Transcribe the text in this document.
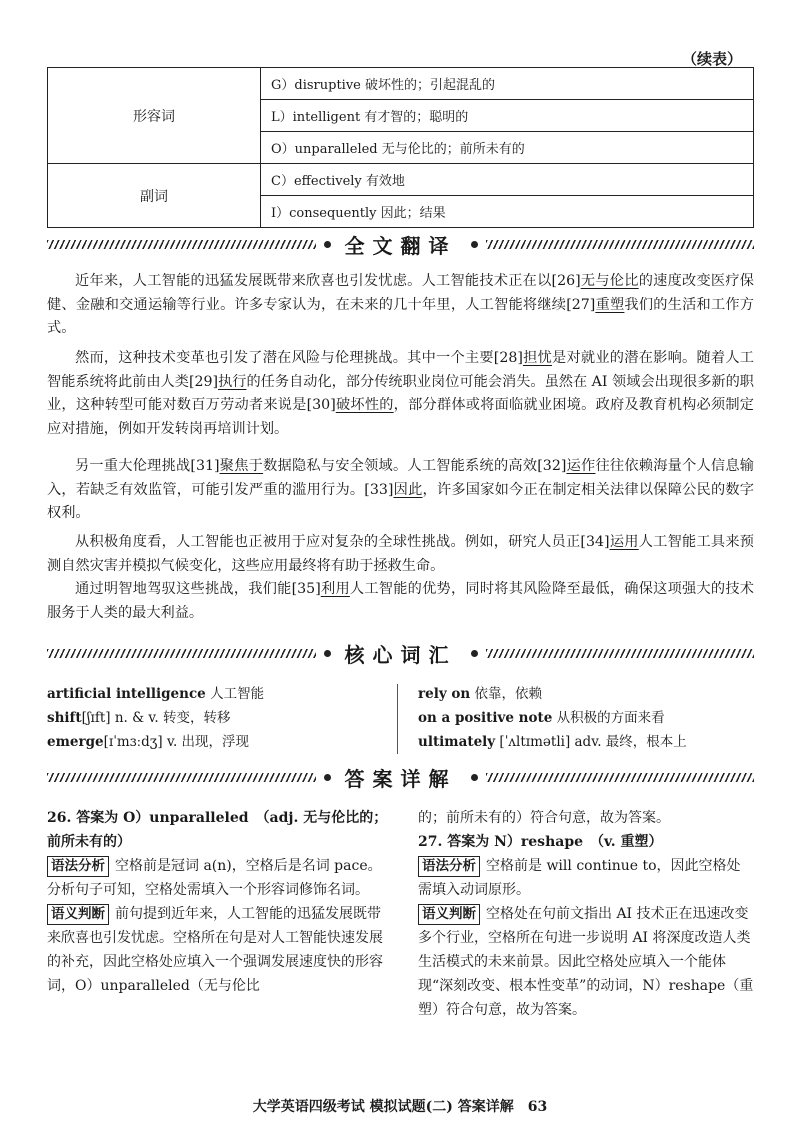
（续表）
形容词	G）disruptive 破坏性的；引起混乱的
	L）intelligent 有才智的；聪明的
	O）unparalleled 无与伦比的；前所未有的
副词	C）effectively 有效地
	I）consequently 因此；结果
全文翻译

近年来，人工智能的迅猛发展既带来欣喜也引发忧虑。人工智能技术正在以[26]无与伦比的速度改变医疗保健、金融和交通运输等行业。许多专家认为，在未来的几十年里，人工智能将继续[27]重塑我们的生活和工作方式。

然而，这种技术变革也引发了潜在风险与伦理挑战。其中一个主要[28]担忧是对就业的潜在影响。随着人工智能系统将此前由人类[29]执行的任务自动化，部分传统职业岗位可能会消失。虽然在 AI 领域会出现很多新的职业，这种转型可能对数百万劳动者来说是[30]破坏性的，部分群体或将面临就业困境。政府及教育机构必须制定应对措施，例如开发转岗再培训计划。

另一重大伦理挑战[31]聚焦于数据隐私与安全领域。人工智能系统的高效[32]运作往往依赖海量个人信息输入，若缺乏有效监管，可能引发严重的滥用行为。[33]因此，许多国家如今正在制定相关法律以保障公民的数字权利。

从积极角度看，人工智能也正被用于应对复杂的全球性挑战。例如，研究人员正[34]运用人工智能工具来预测自然灾害并模拟气候变化，这些应用最终将有助于拯救生命。

通过明智地驾驭这些挑战，我们能[35]利用人工智能的优势，同时将其风险降至最低，确保这项强大的技术服务于人类的最大利益。

核心词汇
artificial intelligence 人工智能
shift[ʃɪft] n. & v. 转变，转移
emerge[ɪˈmɜːdʒ] v. 出现，浮现
rely on 依靠，依赖
on a positive note 从积极的方面来看
ultimately [ˈʌltɪmətli] adv. 最终，根本上
答案详解

26. 答案为 O）unparalleled　（adj. 无与伦比的；前所未有的）

语法分析 空格前是冠词 a(n)，空格后是名词 pace。分析句子可知，空格处需填入一个形容词修饰名词。

语义判断 前句提到近年来，人工智能的迅猛发展既带来欣喜也引发忧虑。空格所在句是对人工智能快速发展的补充，因此空格处应填入一个强调发展速度快的形容词，O）unparalleled（无与伦比

的；前所未有的）符合句意，故为答案。

27. 答案为 N）reshape　（v. 重塑）

语法分析 空格前是 will continue to，因此空格处需填入动词原形。

语义判断 空格处在句前文指出 AI 技术正在迅速改变多个行业，空格所在句进一步说明 AI 将深度改造人类生活模式的未来前景。因此空格处应填入一个能体现“深刻改变、根本性变革”的动词，N）reshape（重塑）符合句意，故为答案。

大学英语四级考试 模拟试题(二) 答案详解　63
